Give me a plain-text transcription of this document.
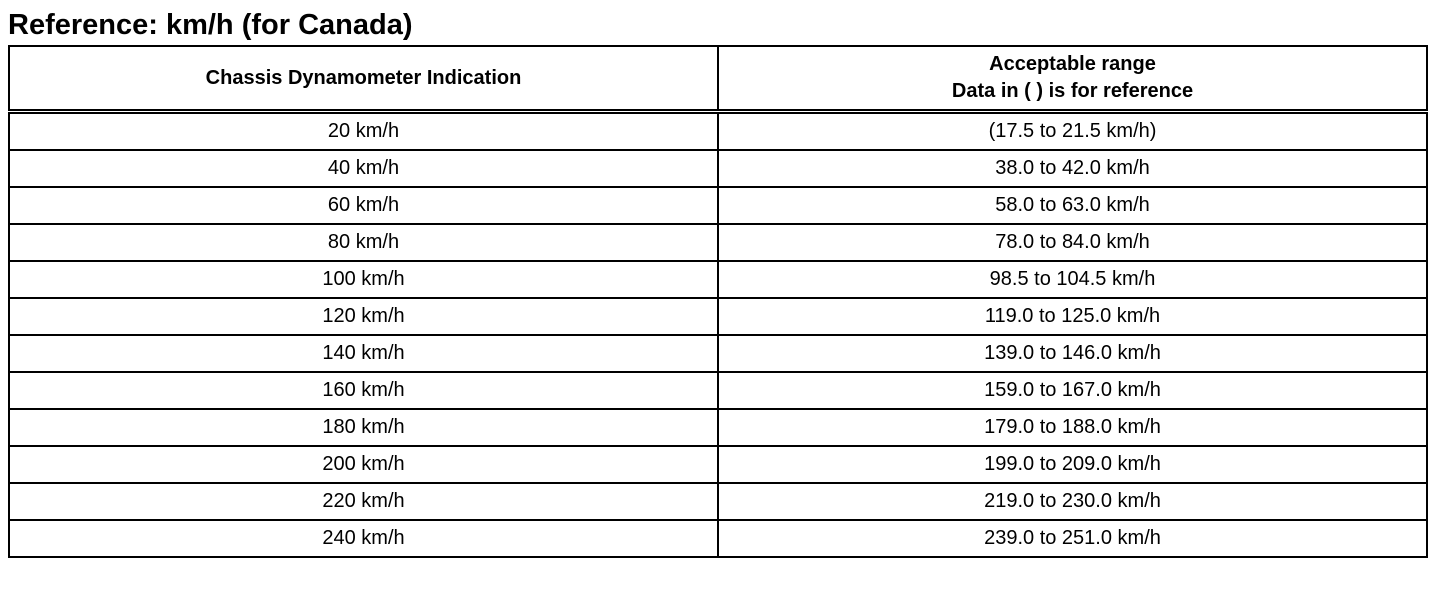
Reference: km/h (for Canada)
Chassis Dynamometer Indication	Acceptable range
Data in ( ) is for reference

20 km/h	(17.5 to 21.5 km/h)
40 km/h	38.0 to 42.0 km/h
60 km/h	58.0 to 63.0 km/h
80 km/h	78.0 to 84.0 km/h
100 km/h	98.5 to 104.5 km/h
120 km/h	119.0 to 125.0 km/h
140 km/h	139.0 to 146.0 km/h
160 km/h	159.0 to 167.0 km/h
180 km/h	179.0 to 188.0 km/h
200 km/h	199.0 to 209.0 km/h
220 km/h	219.0 to 230.0 km/h
240 km/h	239.0 to 251.0 km/h
